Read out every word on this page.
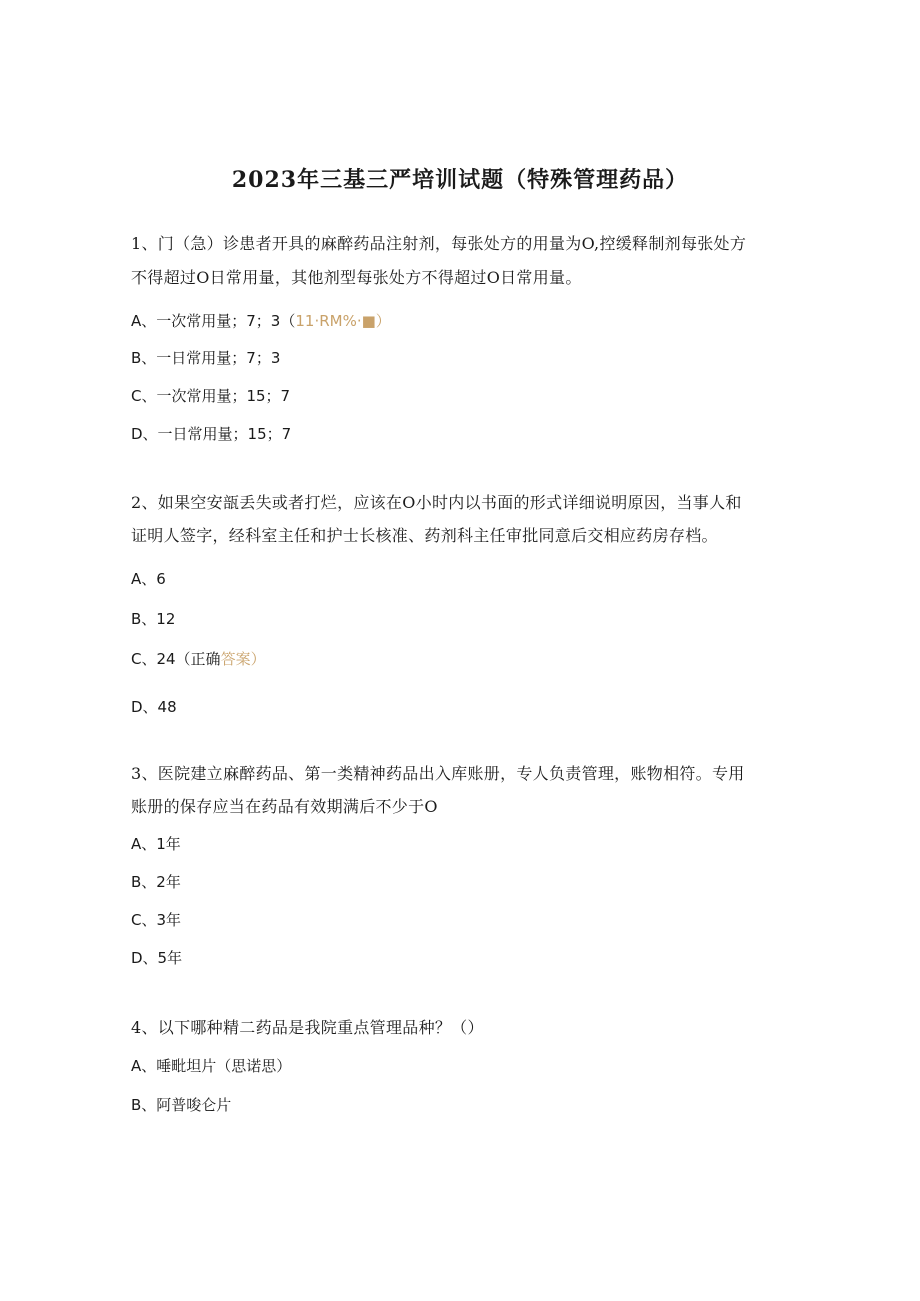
2023年三基三严培训试题（特殊管理药品）
1、门（急）诊患者开具的麻醉药品注射剂，每张处方的用量为O,控缓释制剂每张处方
不得超过O日常用量，其他剂型每张处方不得超过O日常用量。
A、一次常用量；7；3（11·RM%·■）
B、一日常用量；7；3
C、一次常用量；15；7
D、一日常用量；15；7
2、如果空安瓿丢失或者打烂，应该在O小时内以书面的形式详细说明原因，当事人和
证明人签字，经科室主任和护士长核准、药剂科主任审批同意后交相应药房存档。
A、6
B、12
C、24（正确答案）
D、48
3、医院建立麻醉药品、第一类精神药品出入库账册，专人负责管理，账物相符。专用
账册的保存应当在药品有效期满后不少于O
A、1年
B、2年
C、3年
D、5年
4、以下哪种精二药品是我院重点管理品种？（）
A、唾毗坦片（思诺思）
B、阿普唆仑片
